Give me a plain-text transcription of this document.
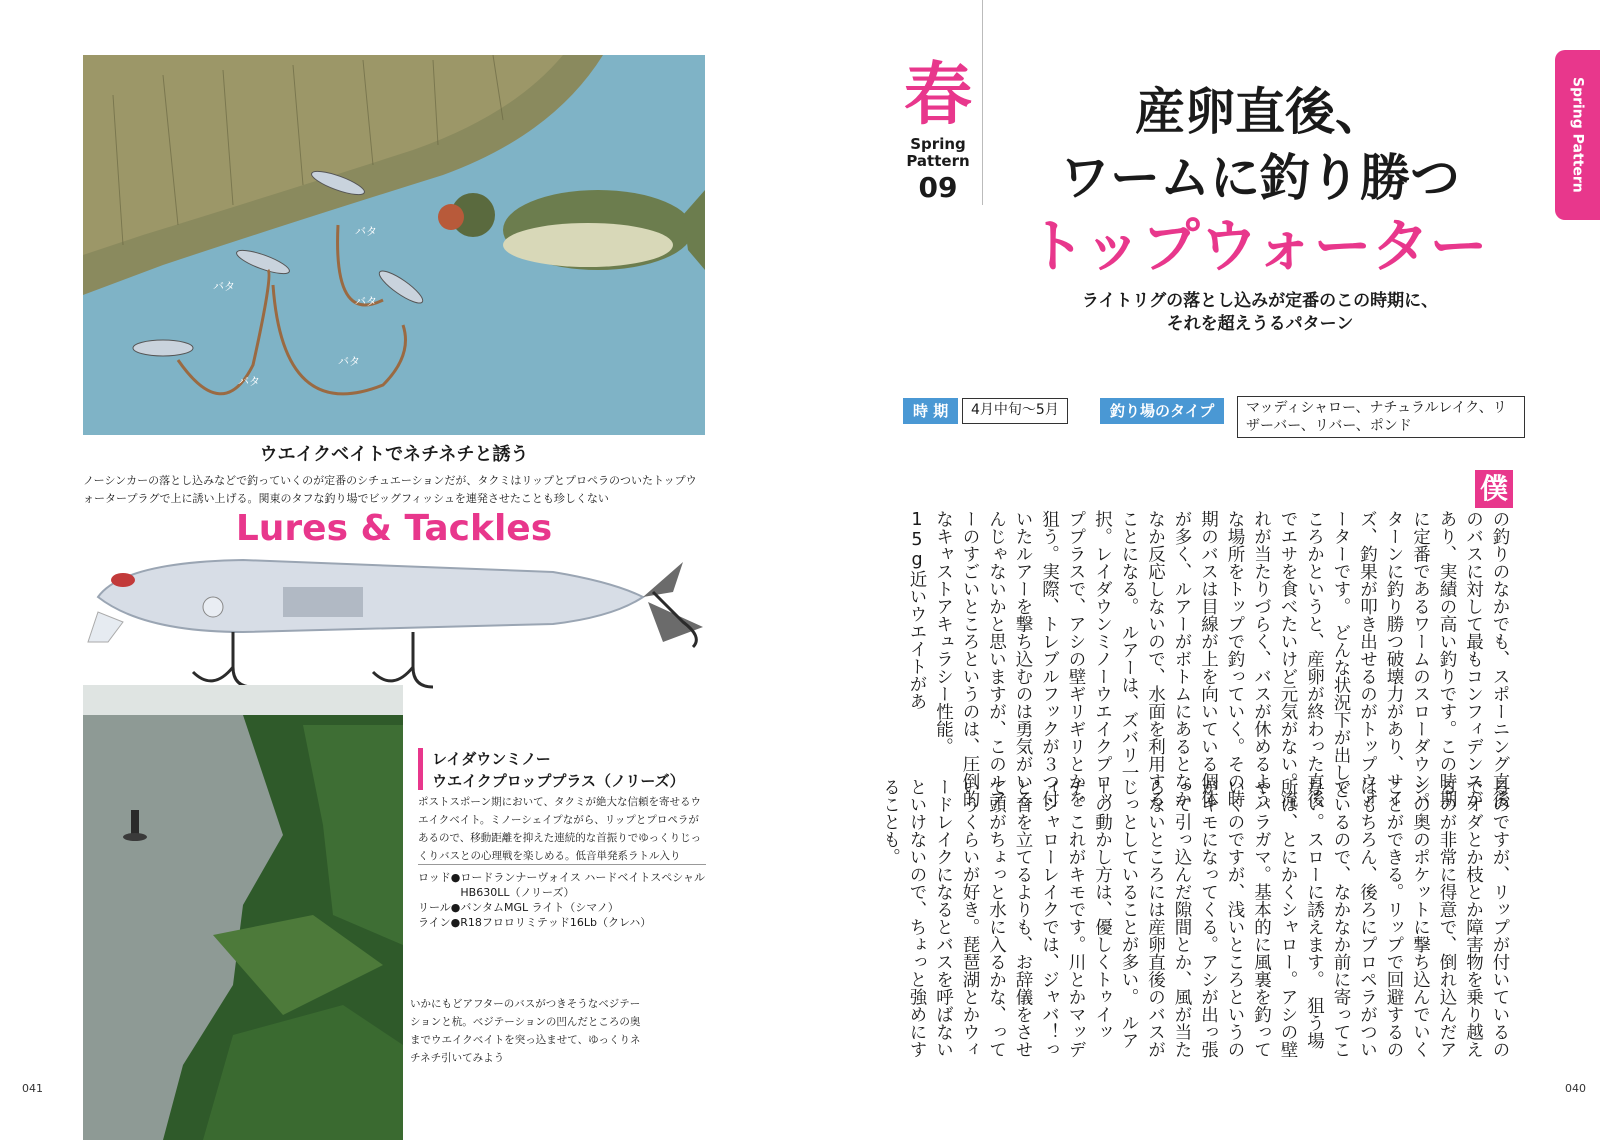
041
バタ
バタ
バタ
バタ
バタ
ウエイクベイトでネチネチと誘う
ノーシンカーの落とし込みなどで釣っていくのが定番のシチュエーションだが、タクミはリップとプロペラのついたトップウォータープラグで上に誘い上げる。関東のタフな釣り場でビッグフィッシュを連発させたことも珍しくない
Lures & Tackles
レイダウンミノー
ウエイクプロッププラス（ノリーズ）
ポストスポーン期において、タクミが絶大な信頼を寄せるウエイクベイト。ミノーシェイプながら、リップとプロペラがあるので、移動距離を抑えた連続的な首振りでゆっくりじっくりバスとの心理戦を楽しめる。低音単発系ラトル入り
ロッド● ロードランナーヴォイス ハードベイトスペシャルHB630LL（ノリーズ）
リール● バンタムMGL ライト（シマノ）
ライン● R18フロロリミテッド16Lb（クレハ）
いかにもどアフターのバスがつきそうなベジテーションと杭。ベジテーションの凹んだところの奥までウエイクベイトを突っ込ませて、ゆっくりネチネチ引いてみよう
040
春
Spring
Pattern
09
産卵直後、
ワームに釣り勝つ
トップウォーター
ライトリグの落とし込みが定番のこの時期に、
それを超えうるパターン
Spring Pattern
時 期	4月中旬〜5月	釣り場のタイプ	マッディシャロー、ナチュラルレイク、リザーバー、リバー、ポンド
僕
の釣りのなかでも、スポーニング直後のバスに対して最もコンフィデンスがあり、実績の高い釣りです。この時期に定番であるワームのスローダウンパターンに釣り勝つ破壊力があり、サイズ、釣果が叩き出せるのがトップウォーターです。　どんな状況下が出しどころかというと、産卵が終わった直後でエサを食べたいけど元気がない。流れが当たりづらく、バスが休めるような場所をトップで釣っていく。その時期のバスは目線が上を向いている個体が多く、ルアーがボトムにあるとなかなか反応しないので、水面を利用することになる。　ルアーは、ズバリ一択。レイダウンミノーウエイクプロッププラスで、アシの壁ギリギリとかを狙う。実際、トレブルフックが３つ付いたルアーを撃ち込むのは勇気がいるんじゃないかと思いますが、このルアーのすごいところというのは、圧倒的なキャストアキュラシー性能。15g近いウエイトがあ
るのですが、リップが付いているのでオダとか枝とか障害物を乗り越えるのが非常に得意で、倒れ込んだアシの奥のポケットに撃ち込んでいくことができる。リップで回避するのはもちろん、後ろにプロペラがついているので、なかなか前に寄ってこない。スローに誘えます。　狙う場所は、とにかくシャロー。アシの壁やパラガマ。基本的に風裏を釣っていくのですが、浅いところというのがキモになってくる。アシが出っ張って引っ込んだ隙間とか、風が当たらないところには産卵直後のバスがじっとしていることが多い。　ルアーの動かし方は、優しくトゥイッチ。これがキモです。川とかマッディシャローレイクでは、ジャバ！っと音を立てるよりも、お辞儀をさせて頭がちょっと水に入るかな、っていうくらいが好き。琵琶湖とかウィードレイクになるとバスを呼ばないといけないので、ちょっと強めにすることも。
